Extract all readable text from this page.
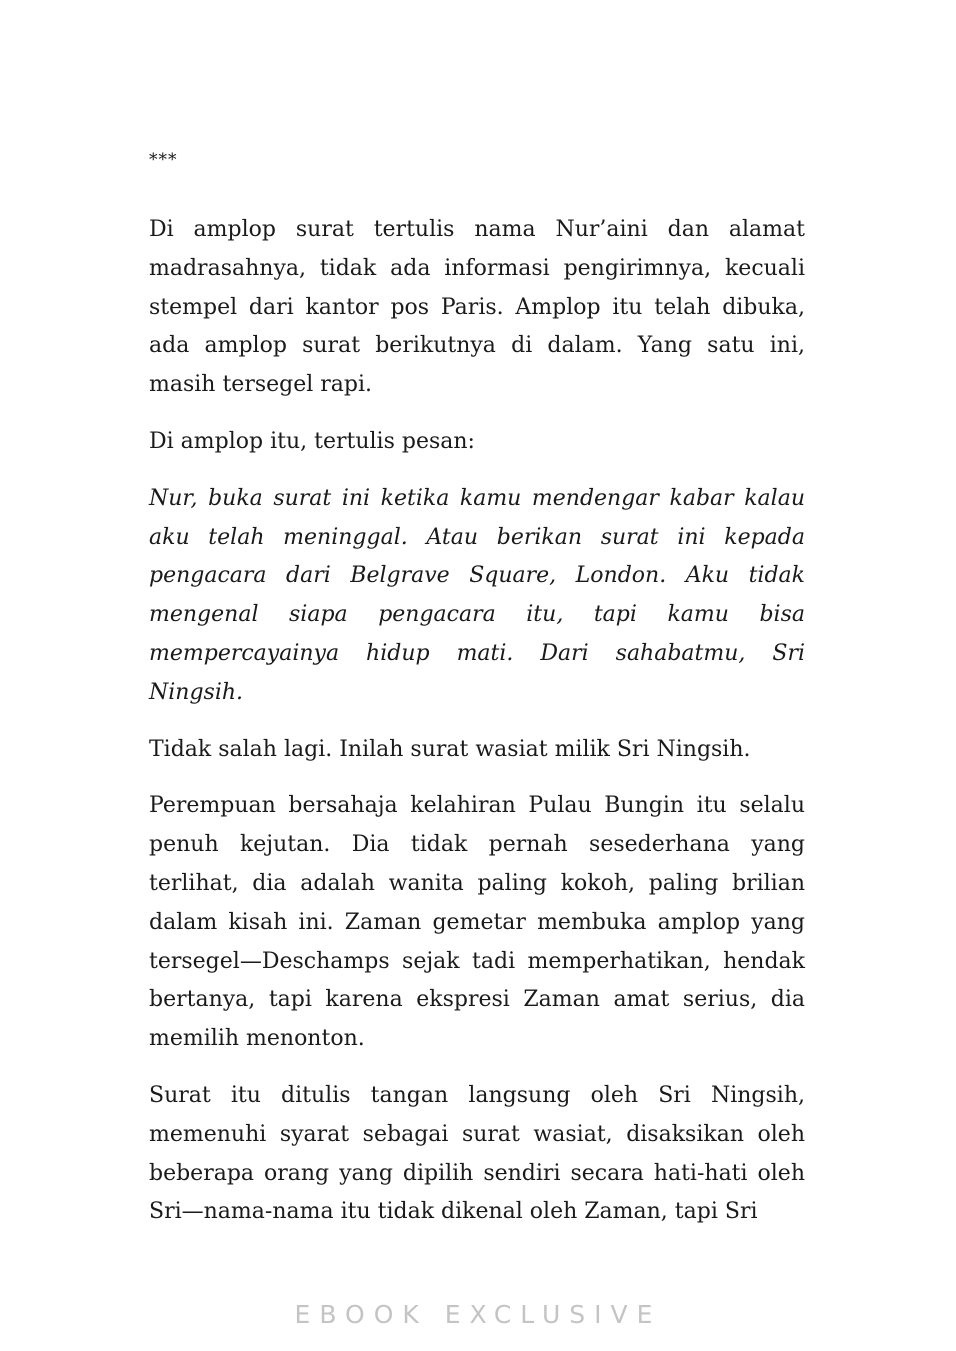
***

Di amplop surat tertulis nama Nur’aini dan alamat madrasahnya, tidak ada informasi pengirimnya, kecuali stempel dari kantor pos Paris. Amplop itu telah dibuka, ada amplop surat berikutnya di dalam. Yang satu ini, masih tersegel rapi.

Di amplop itu, tertulis pesan:

Nur, buka surat ini ketika kamu mendengar kabar kalau aku telah meninggal. Atau berikan surat ini kepada pengacara dari Belgrave Square, London. Aku tidak mengenal siapa pengacara itu, tapi kamu bisa mempercayainya hidup mati. Dari sahabatmu, Sri Ningsih.

Tidak salah lagi. Inilah surat wasiat milik Sri Ningsih.

Perempuan bersahaja kelahiran Pulau Bungin itu selalu penuh kejutan. Dia tidak pernah sesederhana yang terlihat, dia adalah wanita paling kokoh, paling brilian dalam kisah ini. Zaman gemetar membuka amplop yang tersegel—Deschamps sejak tadi memperhatikan, hendak bertanya, tapi karena ekspresi Zaman amat serius, dia memilih menonton.

Surat itu ditulis tangan langsung oleh Sri Ningsih, memenuhi syarat sebagai surat wasiat, disaksikan oleh beberapa orang yang dipilih sendiri secara hati-hati oleh Sri—nama-nama itu tidak dikenal oleh Zaman, tapi Sri

EBOOK EXCLUSIVE
